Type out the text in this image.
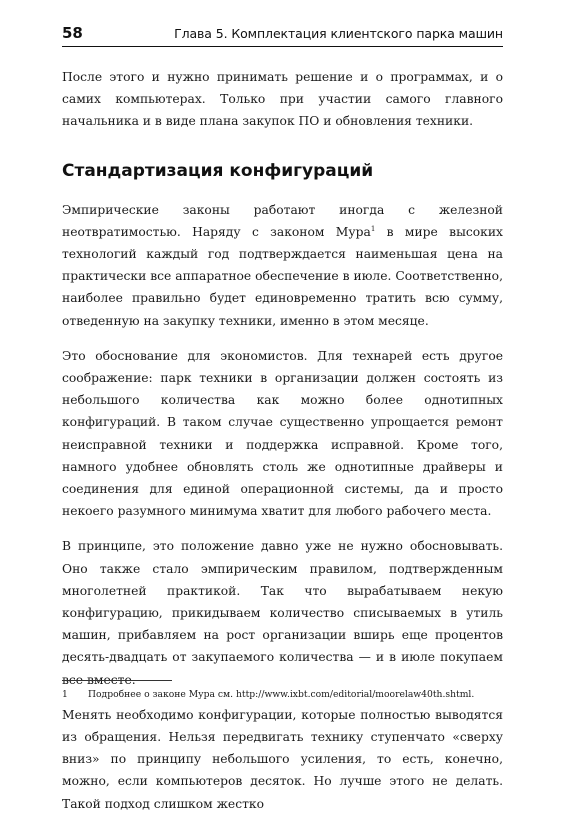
58	Глава 5. Комплектация клиентского парка машин

После этого и нужно принимать решение и о программах, и о самих компьютерах. Только при участии самого главного начальника и в виде плана закупок ПО и обновления техники.

Стандартизация конфигураций

Эмпирические законы работают иногда с железной неотвратимостью. Наряду с законом Мура$^1$ в мире высоких технологий каждый год подтверждается наименьшая цена на практически все аппаратное обеспечение в июле. Соответственно, наиболее правильно будет единовременно тратить всю сумму, отведенную на закупку техники, именно в этом месяце.

Это обоснование для экономистов. Для технарей есть другое соображение: парк техники в организации должен состоять из небольшого количества как можно более однотипных конфигураций. В таком случае существенно упрощается ремонт неисправной техники и поддержка исправной. Кроме того, намного удобнее обновлять столь же однотипные драйверы и соединения для единой операционной системы, да и просто некоего разумного минимума хватит для любого рабочего места.

В принципе, это положение давно уже не нужно обосновывать. Оно также стало эмпирическим правилом, подтвержденным многолетней практикой. Так что вырабатываем некую конфигурацию, прикидываем количество списываемых в утиль машин, прибавляем на рост организации вширь еще процентов десять-двадцать от закупаемого количества — и в июле покупаем все вместе.

Менять необходимо конфигурации, которые полностью выводятся из обращения. Нельзя передвигать технику ступенчато «сверху вниз» по принципу небольшого усиления, то есть, конечно, можно, если компьютеров десяток. Но лучше этого не делать. Такой подход слишком жестко

1 Подробнее о законе Мура см. http://www.ixbt.com/editorial/moorelaw40th.shtml.
